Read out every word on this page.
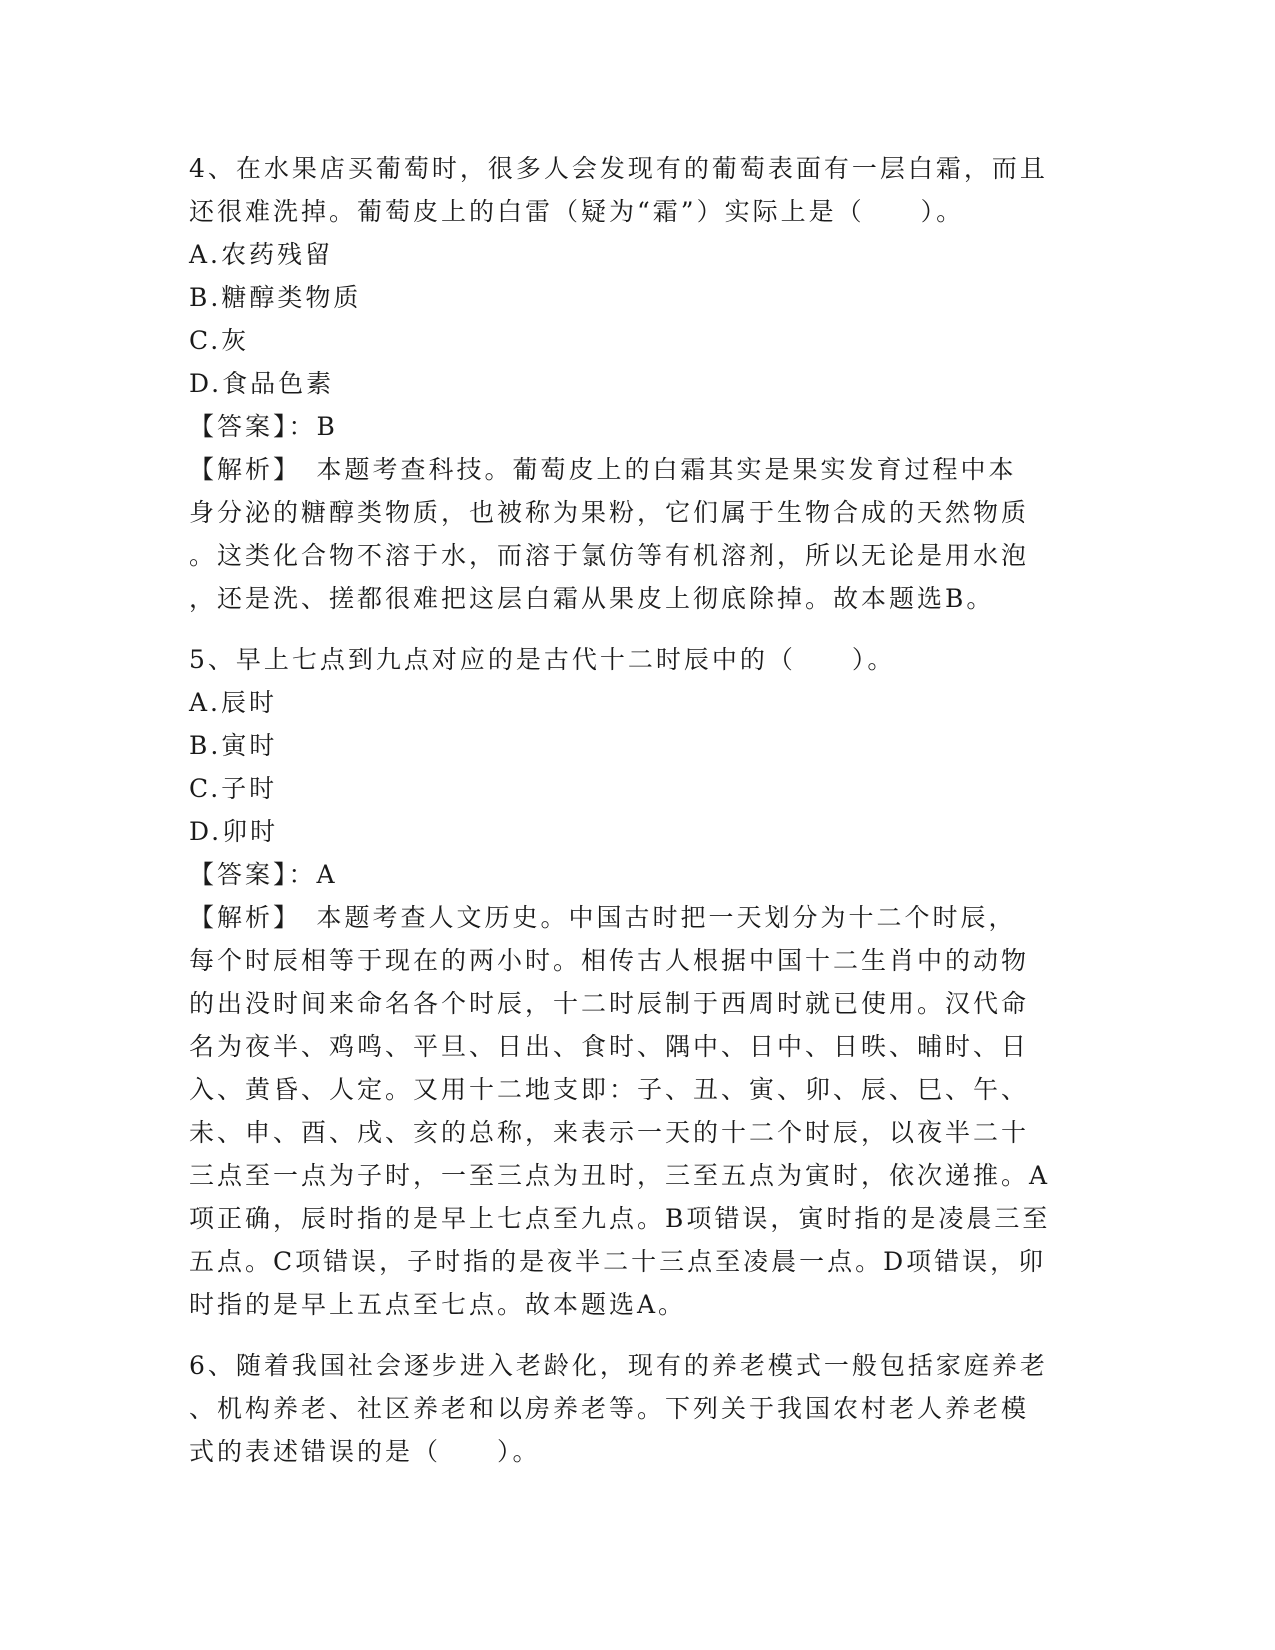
4、在水果店买葡萄时，很多人会发现有的葡萄表面有一层白霜，而且

还很难洗掉。葡萄皮上的白雷（疑为“霜”）实际上是（　　）。

A.农药残留

B.糖醇类物质

C.灰

D.食品色素

【答案】：B

【解析】　本题考查科技。葡萄皮上的白霜其实是果实发育过程中本

身分泌的糖醇类物质，也被称为果粉，它们属于生物合成的天然物质

。这类化合物不溶于水，而溶于氯仿等有机溶剂，所以无论是用水泡

，还是洗、搓都很难把这层白霜从果皮上彻底除掉。故本题选B。

5、早上七点到九点对应的是古代十二时辰中的（　　）。

A.辰时

B.寅时

C.子时

D.卯时

【答案】：A

【解析】　本题考查人文历史。中国古时把一天划分为十二个时辰，

每个时辰相等于现在的两小时。相传古人根据中国十二生肖中的动物

的出没时间来命名各个时辰，十二时辰制于西周时就已使用。汉代命

名为夜半、鸡鸣、平旦、日出、食时、隅中、日中、日昳、晡时、日

入、黄昏、人定。又用十二地支即：子、丑、寅、卯、辰、巳、午、

未、申、酉、戌、亥的总称，来表示一天的十二个时辰，以夜半二十

三点至一点为子时，一至三点为丑时，三至五点为寅时，依次递推。A

项正确，辰时指的是早上七点至九点。B项错误，寅时指的是凌晨三至

五点。C项错误，子时指的是夜半二十三点至凌晨一点。D项错误，卯

时指的是早上五点至七点。故本题选A。

6、随着我国社会逐步进入老龄化，现有的养老模式一般包括家庭养老

、机构养老、社区养老和以房养老等。下列关于我国农村老人养老模

式的表述错误的是（　　）。
